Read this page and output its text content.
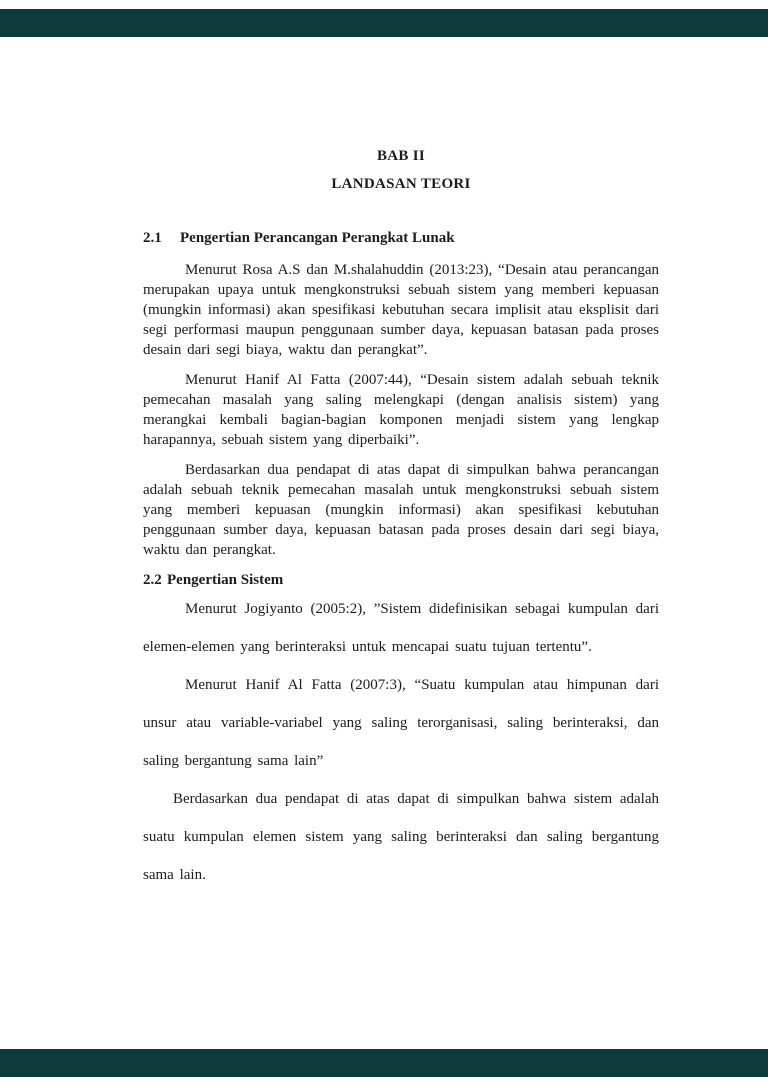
BAB II
LANDASAN TEORI
2.1	Pengertian Perancangan Perangkat Lunak

Menurut Rosa A.S dan M.shalahuddin (2013:23), “Desain atau perancangan merupakan upaya untuk mengkonstruksi sebuah sistem yang memberi kepuasan (mungkin informasi) akan spesifikasi kebutuhan secara implisit atau eksplisit dari segi performasi maupun penggunaan sumber daya, kepuasan batasan pada proses desain dari segi biaya, waktu dan perangkat”.

Menurut Hanif Al Fatta (2007:44), “Desain sistem adalah sebuah teknik pemecahan masalah yang saling melengkapi (dengan analisis sistem) yang merangkai kembali bagian-bagian komponen menjadi sistem yang lengkap harapannya, sebuah sistem yang diperbaiki”.

Berdasarkan dua pendapat di atas dapat di simpulkan bahwa perancangan adalah sebuah teknik pemecahan masalah untuk mengkonstruksi sebuah sistem yang memberi kepuasan (mungkin informasi) akan spesifikasi kebutuhan penggunaan sumber daya, kepuasan batasan pada proses desain dari segi biaya, waktu dan perangkat.

2.2 Pengertian Sistem

Menurut Jogiyanto (2005:2), ”Sistem didefinisikan sebagai kumpulan dari elemen-elemen yang berinteraksi untuk mencapai suatu tujuan tertentu”.

Menurut Hanif Al Fatta (2007:3), “Suatu kumpulan atau himpunan dari unsur atau variable-variabel yang saling terorganisasi, saling berinteraksi, dan saling bergantung sama lain”

Berdasarkan dua pendapat di atas dapat di simpulkan bahwa sistem adalah suatu kumpulan elemen sistem yang saling berinteraksi dan saling bergantung sama lain.
